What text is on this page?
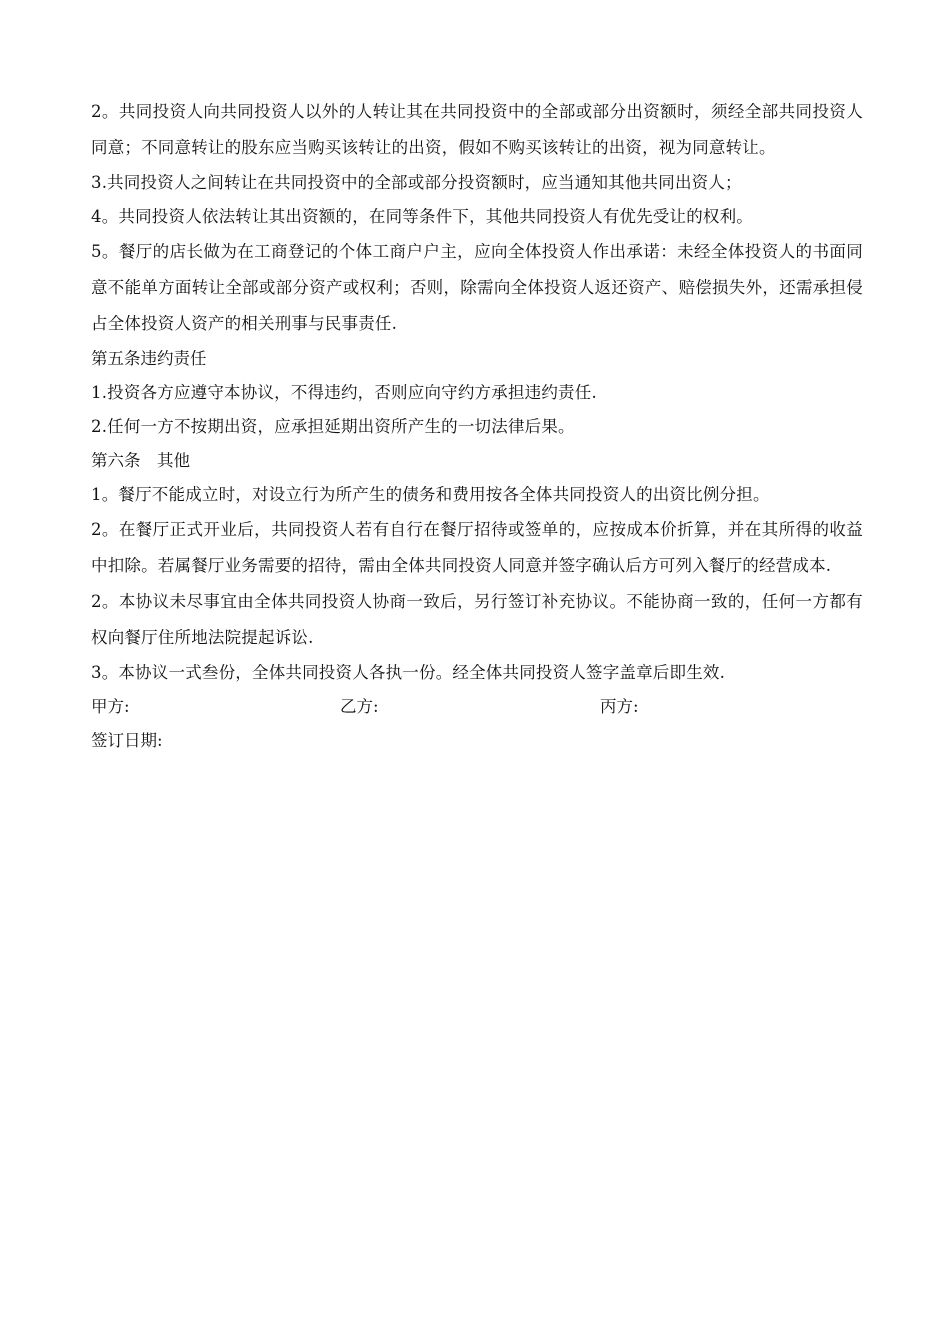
2。共同投资人向共同投资人以外的人转让其在共同投资中的全部或部分出资额时，须经全部共同投资人同意；不同意转让的股东应当购买该转让的出资，假如不购买该转让的出资，视为同意转让。

3.共同投资人之间转让在共同投资中的全部或部分投资额时，应当通知其他共同出资人；

4。共同投资人依法转让其出资额的，在同等条件下，其他共同投资人有优先受让的权利。

5。餐厅的店长做为在工商登记的个体工商户户主，应向全体投资人作出承诺：未经全体投资人的书面同意不能单方面转让全部或部分资产或权利；否则，除需向全体投资人返还资产、赔偿损失外，还需承担侵占全体投资人资产的相关刑事与民事责任.

第五条违约责任

1.投资各方应遵守本协议，不得违约，否则应向守约方承担违约责任.

2.任何一方不按期出资，应承担延期出资所产生的一切法律后果。

第六条　其他

1。餐厅不能成立时，对设立行为所产生的债务和费用按各全体共同投资人的出资比例分担。

2。在餐厅正式开业后，共同投资人若有自行在餐厅招待或签单的，应按成本价折算，并在其所得的收益中扣除。若属餐厅业务需要的招待，需由全体共同投资人同意并签字确认后方可列入餐厅的经营成本.

2。本协议未尽事宜由全体共同投资人协商一致后，另行签订补充协议。不能协商一致的，任何一方都有权向餐厅住所地法院提起诉讼.

3。本协议一式叁份，全体共同投资人各执一份。经全体共同投资人签字盖章后即生效.

甲方:	乙方:	丙方:

签订日期:
